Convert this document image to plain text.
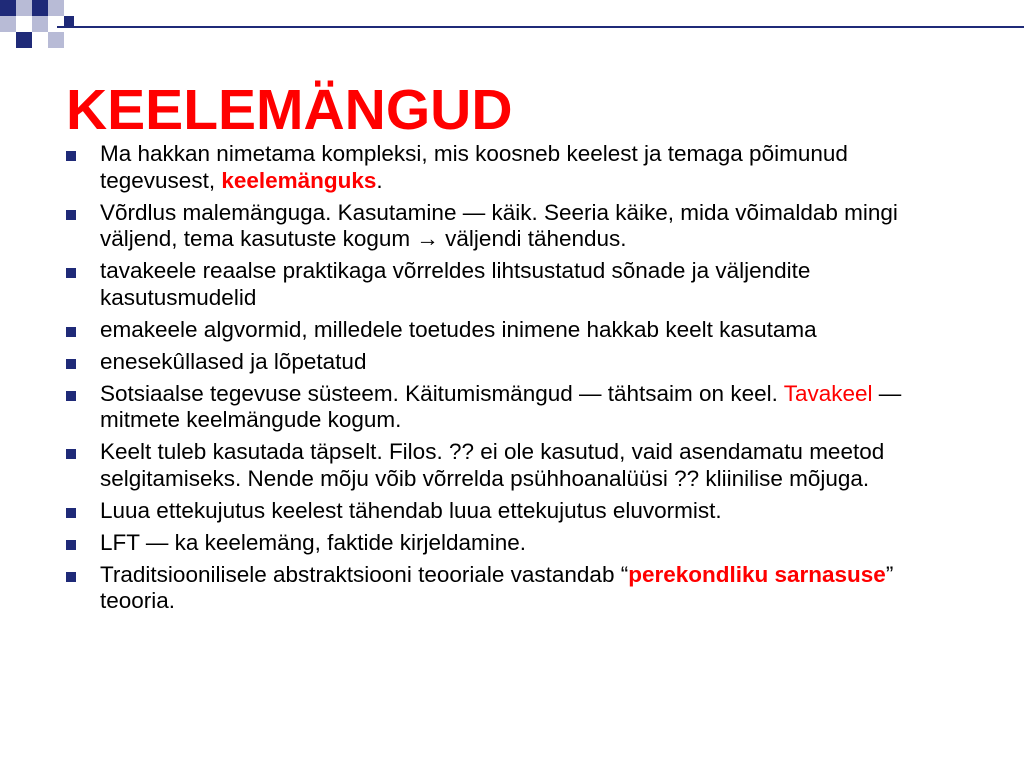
KEELEMÄNGUD
Ma hakkan nimetama kompleksi, mis koosneb keelest ja temaga põimunud tegevusest, keelemänguks.
Võrdlus malemänguga. Kasutamine — käik. Seeria käike, mida võimaldab mingi väljend, tema kasutuste kogum → väljendi tähendus.
tavakeele reaalse praktikaga võrreldes lihtsustatud sõnade ja väljendite kasutusmudelid
emakeele algvormid, milledele toetudes inimene hakkab keelt kasutama
enesekûllased ja lõpetatud
Sotsiaalse tegevuse süsteem. Käitumismängud — tähtsaim on keel. Tavakeel — mitmete keelmängude kogum.
Keelt tuleb kasutada täpselt. Filos. ?? ei ole kasutud, vaid asendamatu meetod selgitamiseks. Nende mõju võib võrrelda psühhoanalüüsi ?? kliinilise mõjuga.
Luua ettekujutus keelest tähendab luua ettekujutus eluvormist.
LFT — ka keelemäng, faktide kirjeldamine.
Traditsioonilisele abstraktsiooni teooriale vastandab “perekondliku sarnasuse” teooria.
